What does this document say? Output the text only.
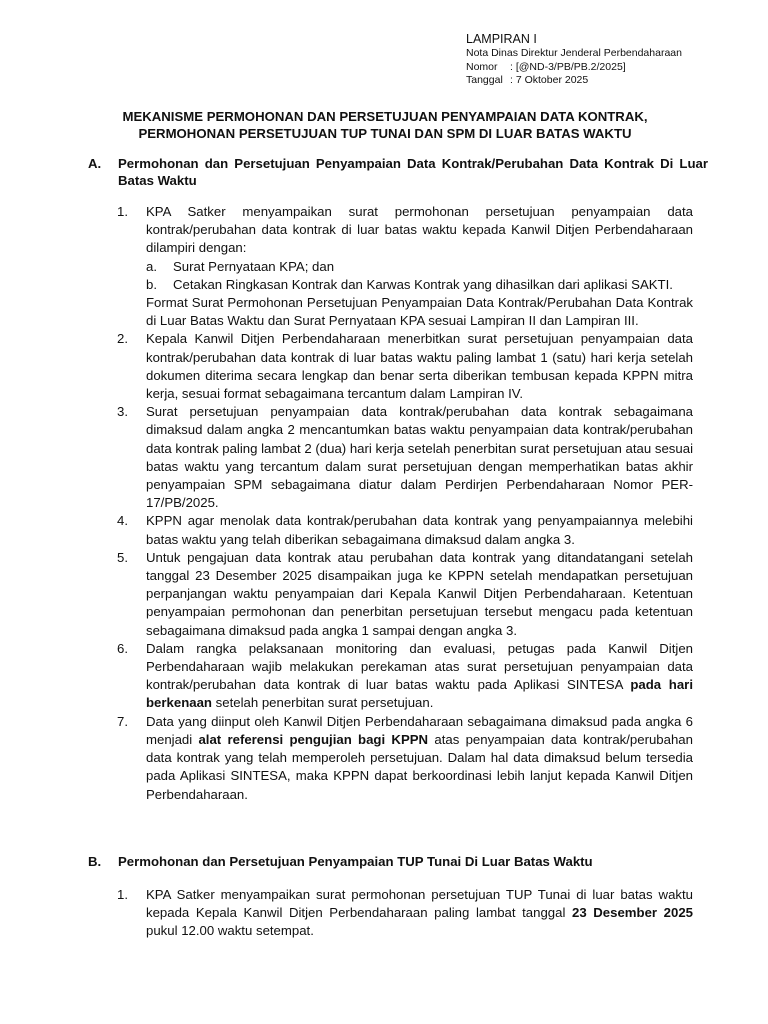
LAMPIRAN I
Nota Dinas Direktur Jenderal Perbendaharaan
Nomor	: [@ND-3/PB/PB.2/2025]
Tanggal : 7 Oktober 2025
MEKANISME PERMOHONAN DAN PERSETUJUAN PENYAMPAIAN DATA KONTRAK,
PERMOHONAN PERSETUJUAN TUP TUNAI DAN SPM DI LUAR BATAS WAKTU
A. Permohonan dan Persetujuan Penyampaian Data Kontrak/Perubahan Data Kontrak Di Luar Batas Waktu
1. KPA Satker menyampaikan surat permohonan persetujuan penyampaian data kontrak/perubahan data kontrak di luar batas waktu kepada Kanwil Ditjen Perbendaharaan dilampiri dengan:

a. Surat Pernyataan KPA; dan

b. Cetakan Ringkasan Kontrak dan Karwas Kontrak yang dihasilkan dari aplikasi SAKTI.

Format Surat Permohonan Persetujuan Penyampaian Data Kontrak/Perubahan Data Kontrak di Luar Batas Waktu dan Surat Pernyataan KPA sesuai Lampiran II dan Lampiran III.

2. Kepala Kanwil Ditjen Perbendaharaan menerbitkan surat persetujuan penyampaian data kontrak/perubahan data kontrak di luar batas waktu paling lambat 1 (satu) hari kerja setelah dokumen diterima secara lengkap dan benar serta diberikan tembusan kepada KPPN mitra kerja, sesuai format sebagaimana tercantum dalam Lampiran IV.

3. Surat persetujuan penyampaian data kontrak/perubahan data kontrak sebagaimana dimaksud dalam angka 2 mencantumkan batas waktu penyampaian data kontrak/perubahan data kontrak paling lambat 2 (dua) hari kerja setelah penerbitan surat persetujuan atau sesuai batas waktu yang tercantum dalam surat persetujuan dengan memperhatikan batas akhir penyampaian SPM sebagaimana diatur dalam Perdirjen Perbendaharaan Nomor PER-17/PB/2025.

4. KPPN agar menolak data kontrak/perubahan data kontrak yang penyampaiannya melebihi batas waktu yang telah diberikan sebagaimana dimaksud dalam angka 3.

5. Untuk pengajuan data kontrak atau perubahan data kontrak yang ditandatangani setelah tanggal 23 Desember 2025 disampaikan juga ke KPPN setelah mendapatkan persetujuan perpanjangan waktu penyampaian dari Kepala Kanwil Ditjen Perbendaharaan. Ketentuan penyampaian permohonan dan penerbitan persetujuan tersebut mengacu pada ketentuan sebagaimana dimaksud pada angka 1 sampai dengan angka 3.

6. Dalam rangka pelaksanaan monitoring dan evaluasi, petugas pada Kanwil Ditjen Perbendaharaan wajib melakukan perekaman atas surat persetujuan penyampaian data kontrak/perubahan data kontrak di luar batas waktu pada Aplikasi SINTESA pada hari berkenaan setelah penerbitan surat persetujuan.

7. Data yang diinput oleh Kanwil Ditjen Perbendaharaan sebagaimana dimaksud pada angka 6 menjadi alat referensi pengujian bagi KPPN atas penyampaian data kontrak/perubahan data kontrak yang telah memperoleh persetujuan. Dalam hal data dimaksud belum tersedia pada Aplikasi SINTESA, maka KPPN dapat berkoordinasi lebih lanjut kepada Kanwil Ditjen Perbendaharaan.

B. Permohonan dan Persetujuan Penyampaian TUP Tunai Di Luar Batas Waktu
1. KPA Satker menyampaikan surat permohonan persetujuan TUP Tunai di luar batas waktu kepada Kepala Kanwil Ditjen Perbendaharaan paling lambat tanggal 23 Desember 2025 pukul 12.00 waktu setempat.
